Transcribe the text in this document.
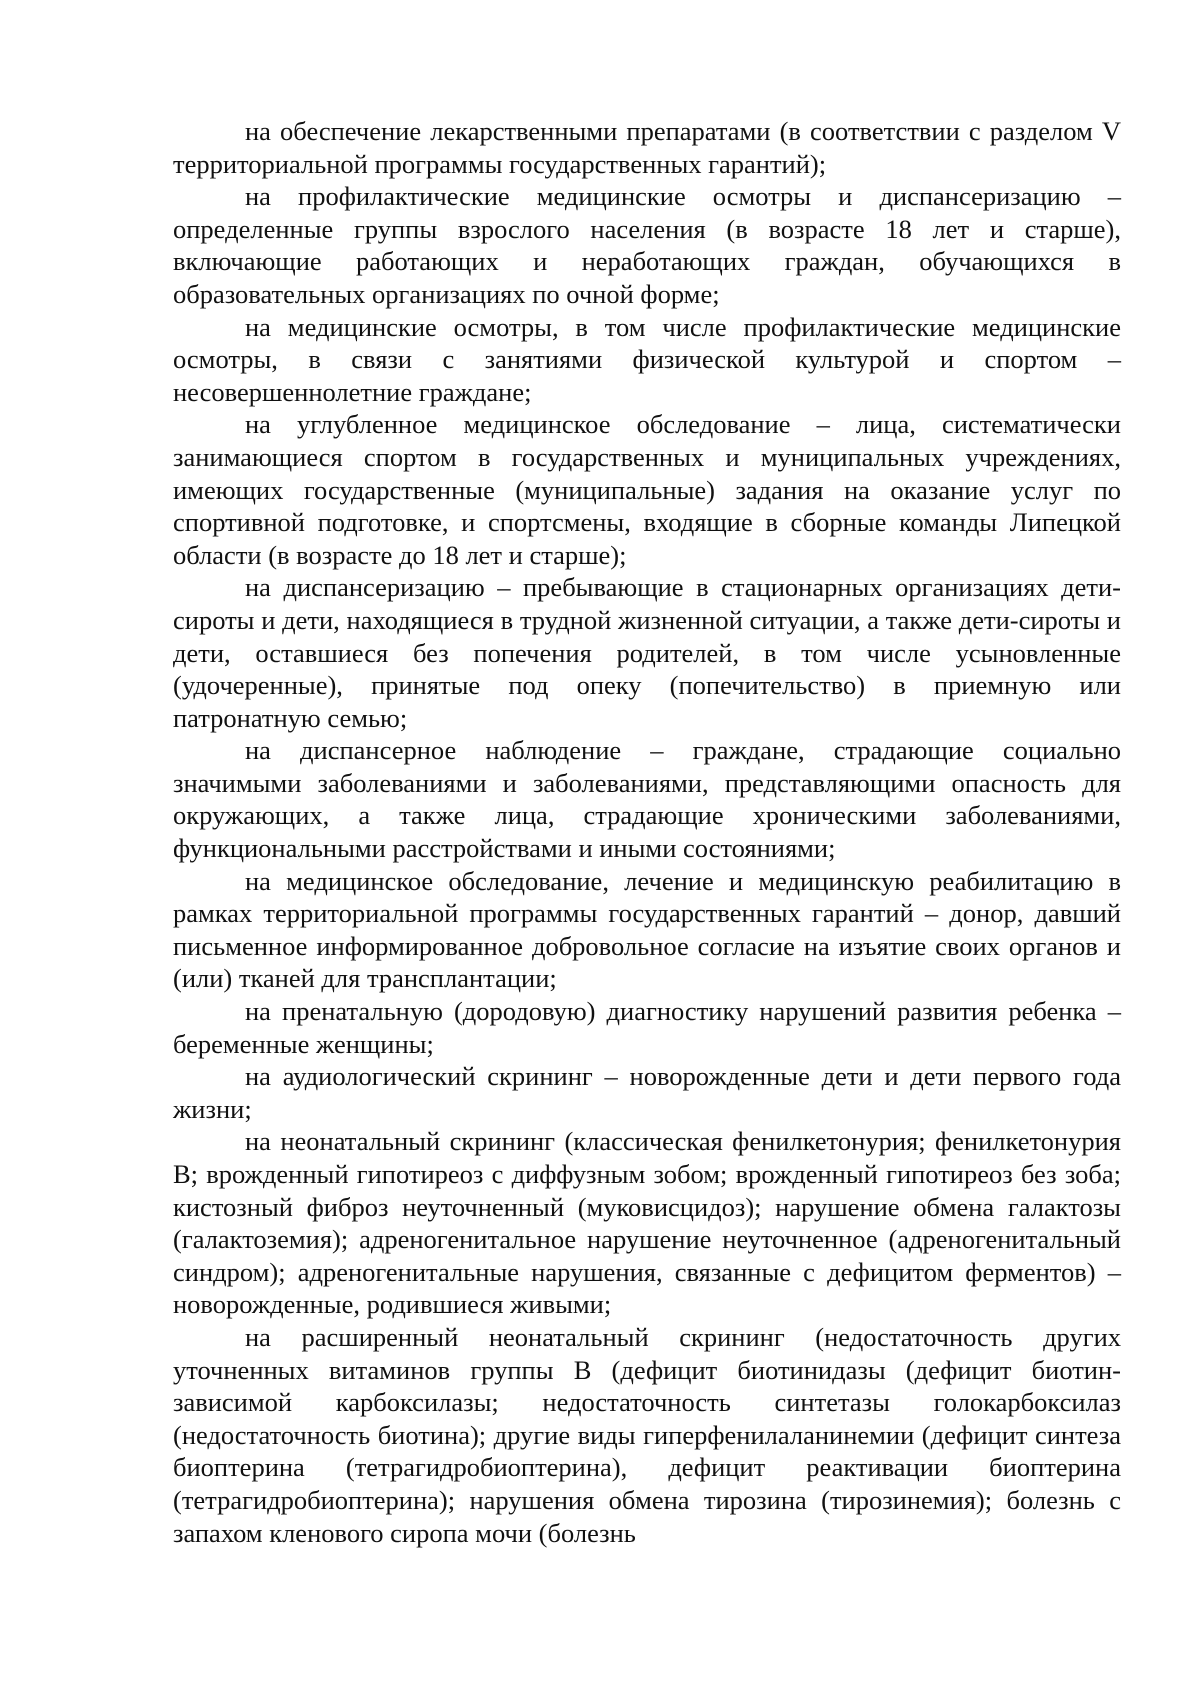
на обеспечение лекарственными препаратами (в соответствии с разделом V территориальной программы государственных гарантий);

на профилактические медицинские осмотры и диспансеризацию – определенные группы взрослого населения (в возрасте 18 лет и старше), включающие работающих и неработающих граждан, обучающихся в образовательных организациях по очной форме;

на медицинские осмотры, в том числе профилактические медицинские осмотры, в связи с занятиями физической культурой и спортом – несовершеннолетние граждане;

на углубленное медицинское обследование – лица, систематически занимающиеся спортом в государственных и муниципальных учреждениях, имеющих государственные (муниципальные) задания на оказание услуг по спортивной подготовке, и спортсмены, входящие в сборные команды Липецкой области (в возрасте до 18 лет и старше);

на диспансеризацию – пребывающие в стационарных организациях дети-сироты и дети, находящиеся в трудной жизненной ситуации, а также дети-сироты и дети, оставшиеся без попечения родителей, в том числе усыновленные (удочеренные), принятые под опеку (попечительство) в приемную или патронатную семью;

на диспансерное наблюдение – граждане, страдающие социально значимыми заболеваниями и заболеваниями, представляющими опасность для окружающих, а также лица, страдающие хроническими заболеваниями, функциональными расстройствами и иными состояниями;

на медицинское обследование, лечение и медицинскую реабилитацию в рамках территориальной программы государственных гарантий – донор, давший письменное информированное добровольное согласие на изъятие своих органов и (или) тканей для трансплантации;

на пренатальную (дородовую) диагностику нарушений развития ребенка – беременные женщины;

на аудиологический скрининг – новорожденные дети и дети первого года жизни;

на неонатальный скрининг (классическая фенилкетонурия; фенилкетонурия В; врожденный гипотиреоз с диффузным зобом; врожденный гипотиреоз без зоба; кистозный фиброз неуточненный (муковисцидоз); нарушение обмена галактозы (галактоземия); адреногенитальное нарушение неуточненное (адреногенитальный синдром); адреногенитальные нарушения, связанные с дефицитом ферментов) – новорожденные, родившиеся живыми;

на расширенный неонатальный скрининг (недостаточность других уточненных витаминов группы В (дефицит биотинидазы (дефицит биотин-зависимой карбоксилазы; недостаточность синтетазы голокарбоксилаз (недостаточность биотина); другие виды гиперфенилаланинемии (дефицит синтеза биоптерина (тетрагидробиоптерина), дефицит реактивации биоптерина (тетрагидробиоптерина); нарушения обмена тирозина (тирозинемия); болезнь с запахом кленового сиропа мочи (болезнь
